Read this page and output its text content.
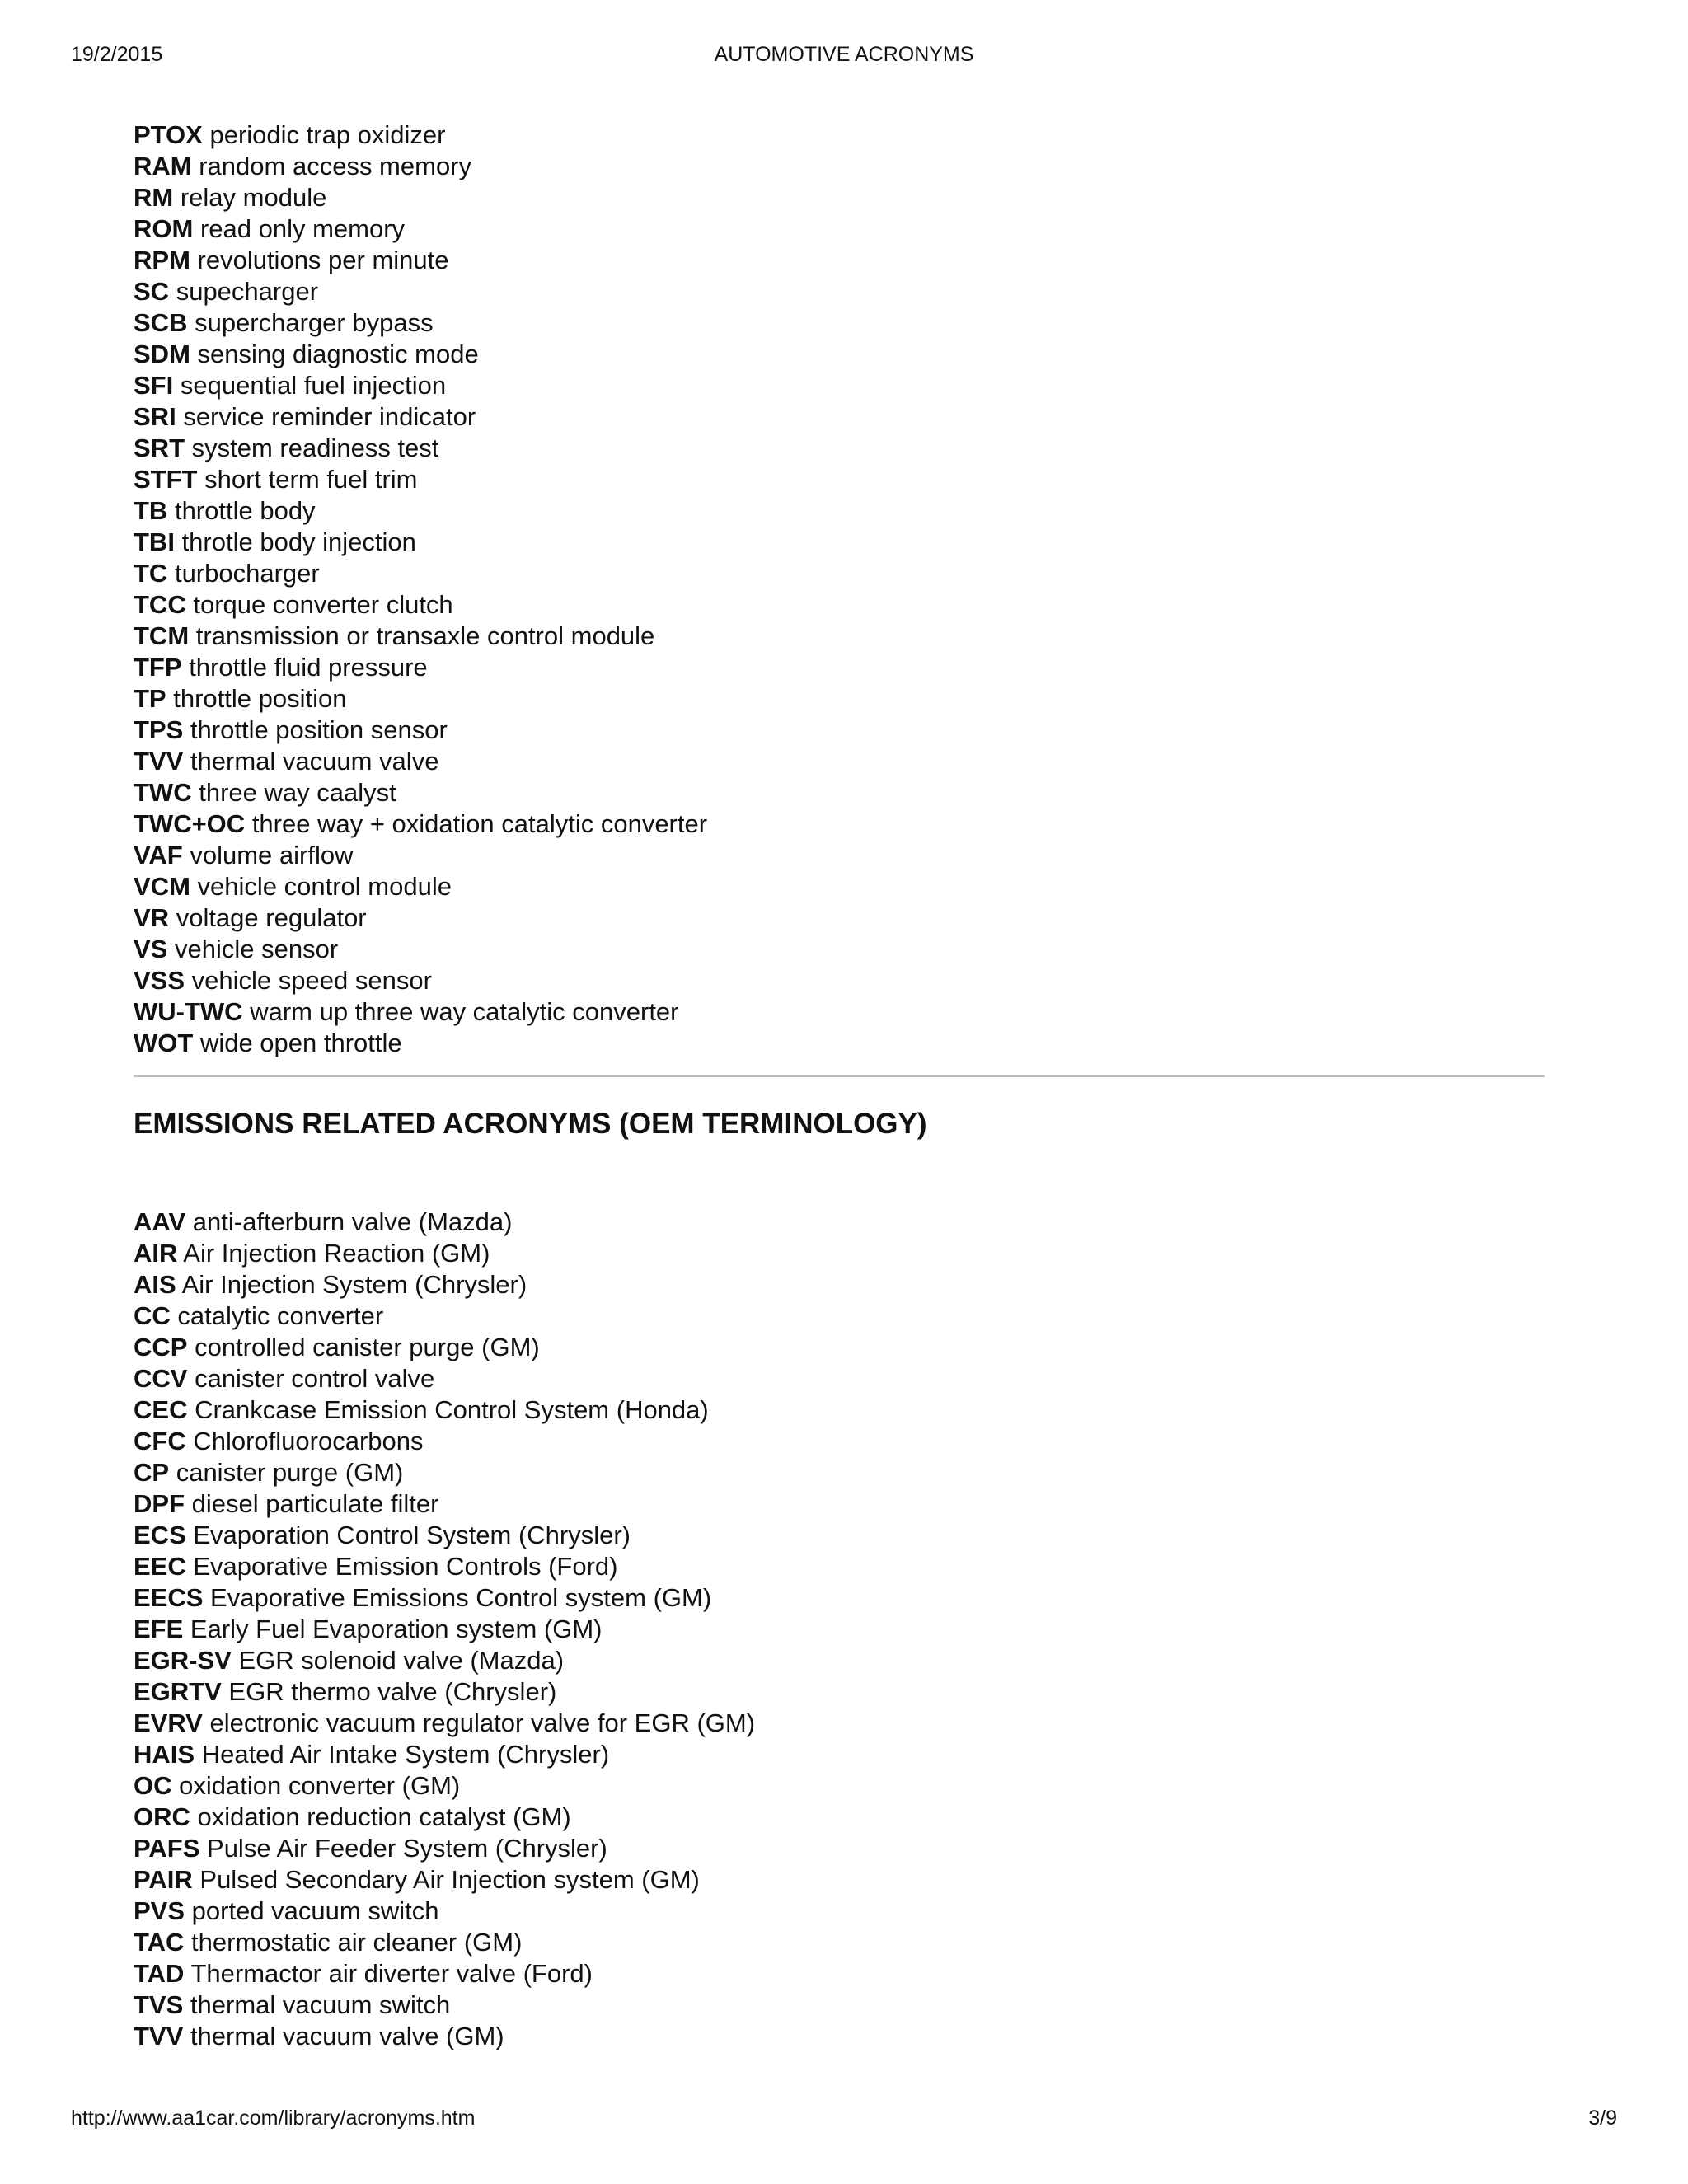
19/2/2015	AUTOMOTIVE ACRONYMS
PTOX periodic trap oxidizer
RAM random access memory
RM relay module
ROM read only memory
RPM revolutions per minute
SC supecharger
SCB supercharger bypass
SDM sensing diagnostic mode
SFI sequential fuel injection
SRI service reminder indicator
SRT system readiness test
STFT short term fuel trim
TB throttle body
TBI throtle body injection
TC turbocharger
TCC torque converter clutch
TCM transmission or transaxle control module
TFP throttle fluid pressure
TP throttle position
TPS throttle position sensor
TVV thermal vacuum valve
TWC three way caalyst
TWC+OC three way + oxidation catalytic converter
VAF volume airflow
VCM vehicle control module
VR voltage regulator
VS vehicle sensor
VSS vehicle speed sensor
WU-TWC warm up three way catalytic converter
WOT wide open throttle
EMISSIONS RELATED ACRONYMS (OEM TERMINOLOGY)
AAV anti-afterburn valve (Mazda)
AIR Air Injection Reaction (GM)
AIS Air Injection System (Chrysler)
CC catalytic converter
CCP controlled canister purge (GM)
CCV canister control valve
CEC Crankcase Emission Control System (Honda)
CFC Chlorofluorocarbons
CP canister purge (GM)
DPF diesel particulate filter
ECS Evaporation Control System (Chrysler)
EEC Evaporative Emission Controls (Ford)
EECS Evaporative Emissions Control system (GM)
EFE Early Fuel Evaporation system (GM)
EGR-SV EGR solenoid valve (Mazda)
EGRTV EGR thermo valve (Chrysler)
EVRV electronic vacuum regulator valve for EGR (GM)
HAIS Heated Air Intake System (Chrysler)
OC oxidation converter (GM)
ORC oxidation reduction catalyst (GM)
PAFS Pulse Air Feeder System (Chrysler)
PAIR Pulsed Secondary Air Injection system (GM)
PVS ported vacuum switch
TAC thermostatic air cleaner (GM)
TAD Thermactor air diverter valve (Ford)
TVS thermal vacuum switch
TVV thermal vacuum valve (GM)
http://www.aa1car.com/library/acronyms.htm	3/9
